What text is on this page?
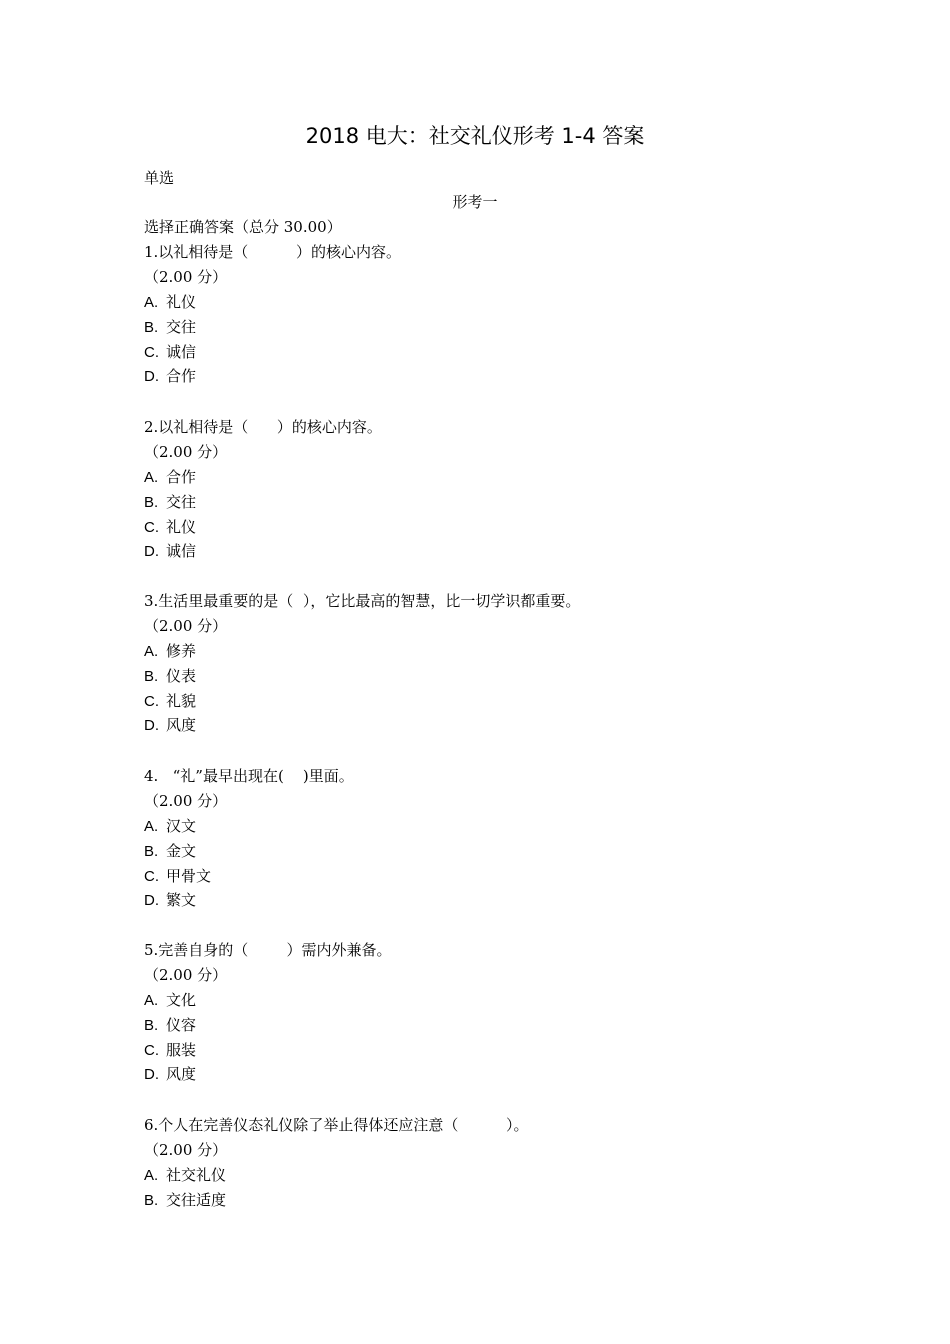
2018 电大：社交礼仪形考 1-4 答案
单选
形考一
选择正确答案（总分 30.00）
1.以礼相待是（          ）的核心内容。
（2.00 分）
A. 礼仪
B. 交往
C. 诚信
D. 合作
2.以礼相待是（      ）的核心内容。
（2.00 分）
A. 合作
B. 交往
C. 礼仪
D. 诚信
3.生活里最重要的是（  ），它比最高的智慧，比一切学识都重要。
（2.00 分）
A. 修养
B. 仪表
C. 礼貌
D. 风度
4.   “礼”最早出现在(    )里面。
（2.00 分）
A. 汉文
B. 金文
C. 甲骨文
D. 繁文
5.完善自身的（        ）需内外兼备。
（2.00 分）
A. 文化
B. 仪容
C. 服装
D. 风度
6.个人在完善仪态礼仪除了举止得体还应注意（          ）。
（2.00 分）
A. 社交礼仪
B. 交往适度
